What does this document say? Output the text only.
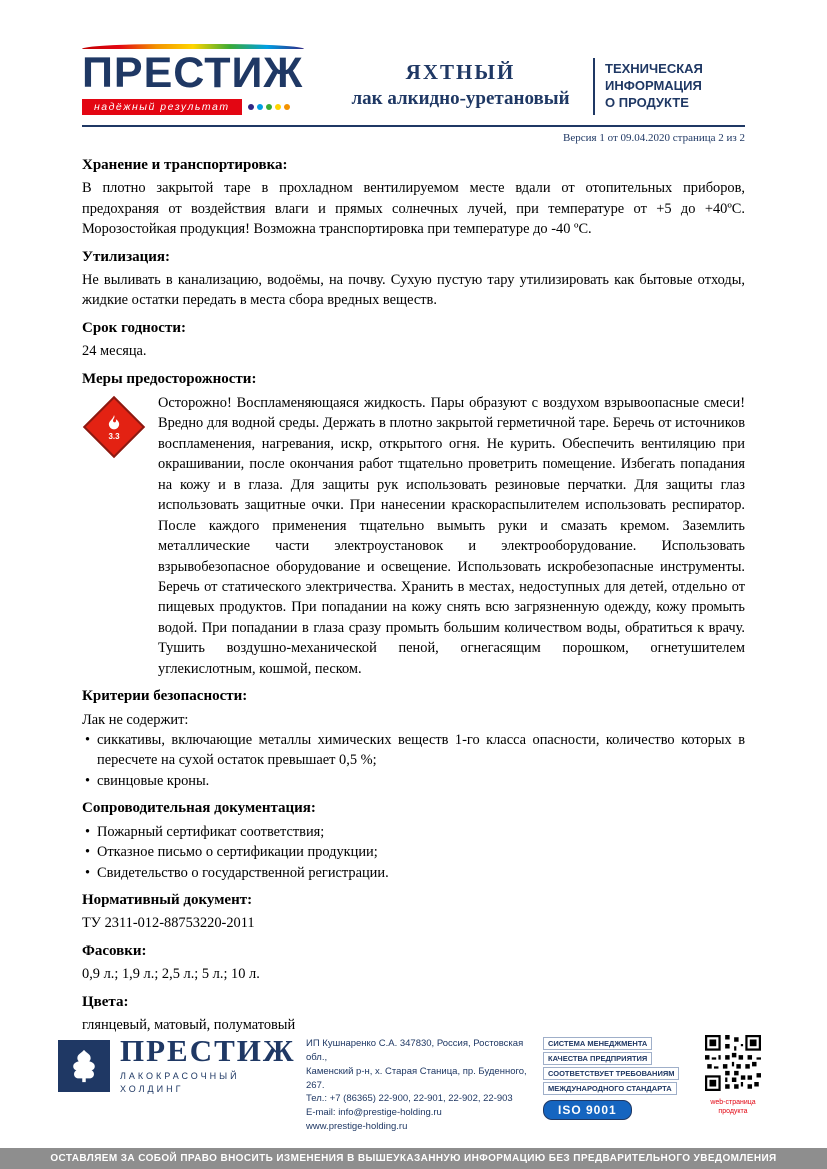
ПРЕСТИЖ
надёжный результат
ЯХТНЫЙ
лак алкидно-уретановый
ТЕХНИЧЕСКАЯ
ИНФОРМАЦИЯ
О ПРОДУКТЕ
Версия 1 от 09.04.2020 страница 2 из 2
Хранение и транспортировка:

В плотно закрытой таре в прохладном вентилируемом месте вдали от отопительных приборов, предохраняя от воздействия влаги и прямых солнечных лучей, при температуре от +5 до +40ºС. Морозостойкая продукция! Возможна транспортировка при температуре до -40 ºС.

Утилизация:

Не выливать в канализацию, водоёмы, на почву. Сухую пустую тару утилизировать как бытовые отходы, жидкие остатки передать в места сбора вредных веществ.

Срок годности:

24 месяца.

Меры предосторожности:
3.3

Осторожно! Воспламеняющаяся жидкость. Пары образуют с воздухом взрывоопасные смеси! Вредно для водной среды. Держать в плотно закрытой герметичной таре. Беречь от источников воспламенения, нагревания, искр, открытого огня. Не курить. Обеспечить вентиляцию при окрашивании, после окончания работ тщательно проветрить помещение. Избегать попадания на кожу и в глаза. Для защиты рук использовать резиновые перчатки. Для защиты глаз использовать защитные очки. При нанесении краскораспылителем использовать респиратор. После каждого применения тщательно вымыть руки и смазать кремом. Заземлить металлические части электроустановок и электрооборудование. Использовать взрывобезопасное оборудование и освещение. Использовать искробезопасные инструменты. Беречь от статического электричества. Хранить в местах, недоступных для детей, отдельно от пищевых продуктов. При попадании на кожу снять всю загрязненную одежду, кожу промыть водой. При попадании в глаза сразу промыть большим количеством воды, обратиться к врачу. Тушить воздушно-механической пеной, огнегасящим порошком, огнетушителем углекислотным, кошмой, песком.

Критерии безопасности:

Лак не содержит:

• сиккативы, включающие металлы химических веществ 1-го класса опасности, количество которых в пересчете на сухой остаток превышает 0,5 %;
• свинцовые кроны.
Сопроводительная документация:
• Пожарный сертификат соответствия;
• Отказное письмо о сертификации продукции;
• Свидетельство о государственной регистрации.
Нормативный документ:

ТУ 2311-012-88753220-2011

Фасовки:

0,9 л.; 1,9 л.; 2,5 л.; 5 л.; 10 л.

Цвета:

глянцевый, матовый, полуматовый

ПРЕСТИЖ
ЛАКОКРАСОЧНЫЙ
ХОЛДИНГ
ИП Кушнаренко С.А. 347830, Россия, Ростовская обл.,
Каменский р-н, х. Старая Станица, пр. Буденного, 267.
Тел.: +7 (86365) 22-900, 22-901, 22-902, 22-903
E-mail: info@prestige-holding.ru
www.prestige-holding.ru
СИСТЕМА МЕНЕДЖМЕНТА
КАЧЕСТВА ПРЕДПРИЯТИЯ
СООТВЕТСТВУЕТ ТРЕБОВАНИЯМ
МЕЖДУНАРОДНОГО СТАНДАРТА
ISO 9001
web-страница
продукта
ОСТАВЛЯЕМ ЗА СОБОЙ ПРАВО ВНОСИТЬ ИЗМЕНЕНИЯ В ВЫШЕУКАЗАННУЮ ИНФОРМАЦИЮ БЕЗ ПРЕДВАРИТЕЛЬНОГО УВЕДОМЛЕНИЯ
